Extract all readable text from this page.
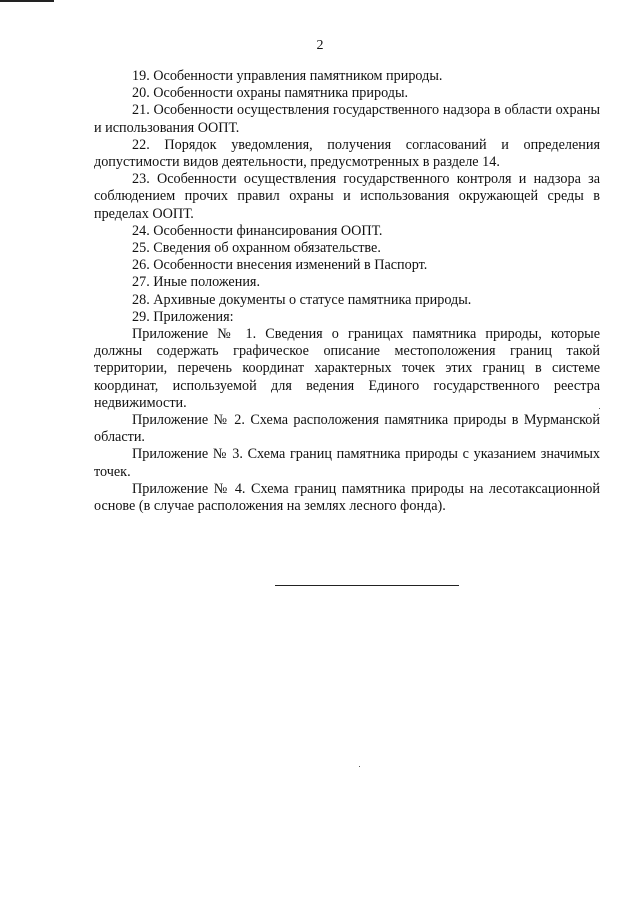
2

19. Особенности управления памятником природы.

20. Особенности охраны памятника природы.

21. Особенности осуществления государственного надзора в области охраны и использования ООПТ.

22. Порядок уведомления, получения согласований и определения допустимости видов деятельности, предусмотренных в разделе 14.

23. Особенности осуществления государственного контроля и надзора за соблюдением прочих правил охраны и использования окружающей среды в пределах ООПТ.

24. Особенности финансирования ООПТ.

25. Сведения об охранном обязательстве.

26. Особенности внесения изменений в Паспорт.

27. Иные положения.

28. Архивные документы о статусе памятника природы.

29. Приложения:

Приложение № 1. Сведения о границах памятника природы, которые должны содержать графическое описание местоположения границ такой территории, перечень координат характерных точек этих границ в системе координат, используемой для ведения Единого государственного реестра недвижимости.

Приложение № 2. Схема расположения памятника природы в Мурманской области.

Приложение № 3. Схема границ памятника природы с указанием значимых точек.

Приложение № 4. Схема границ памятника природы на лесотаксационной основе (в случае расположения на землях лесного фонда).
